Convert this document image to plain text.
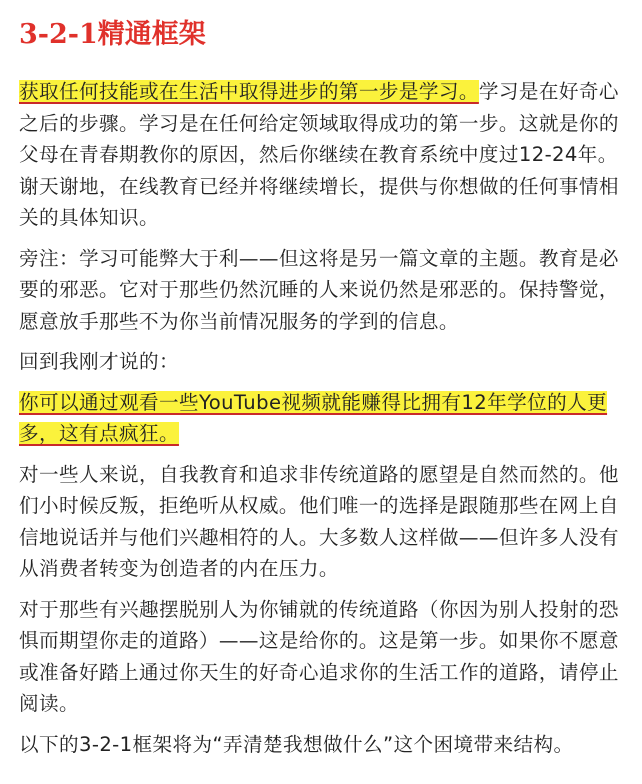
3-2-1精通框架

获取任何技能或在生活中取得进步的第一步是学习。学习是在好奇心之后的步骤。学习是在任何给定领域取得成功的第一步。这就是你的父母在青春期教你的原因，然后你继续在教育系统中度过12-24年。谢天谢地，在线教育已经并将继续增长，提供与你想做的任何事情相关的具体知识。

旁注：学习可能弊大于利——但这将是另一篇文章的主题。教育是必要的邪恶。它对于那些仍然沉睡的人来说仍然是邪恶的。保持警觉，愿意放手那些不为你当前情况服务的学到的信息。

回到我刚才说的：

你可以通过观看一些YouTube视频就能赚得比拥有12年学位的人更多，这有点疯狂。

对一些人来说，自我教育和追求非传统道路的愿望是自然而然的。他们小时候反叛，拒绝听从权威。他们唯一的选择是跟随那些在网上自信地说话并与他们兴趣相符的人。大多数人这样做——但许多人没有从消费者转变为创造者的内在压力。

对于那些有兴趣摆脱别人为你铺就的传统道路（你因为别人投射的恐惧而期望你走的道路）——这是给你的。这是第一步。如果你不愿意或准备好踏上通过你天生的好奇心追求你的生活工作的道路，请停止阅读。

以下的3-2-1框架将为“弄清楚我想做什么”这个困境带来结构。
